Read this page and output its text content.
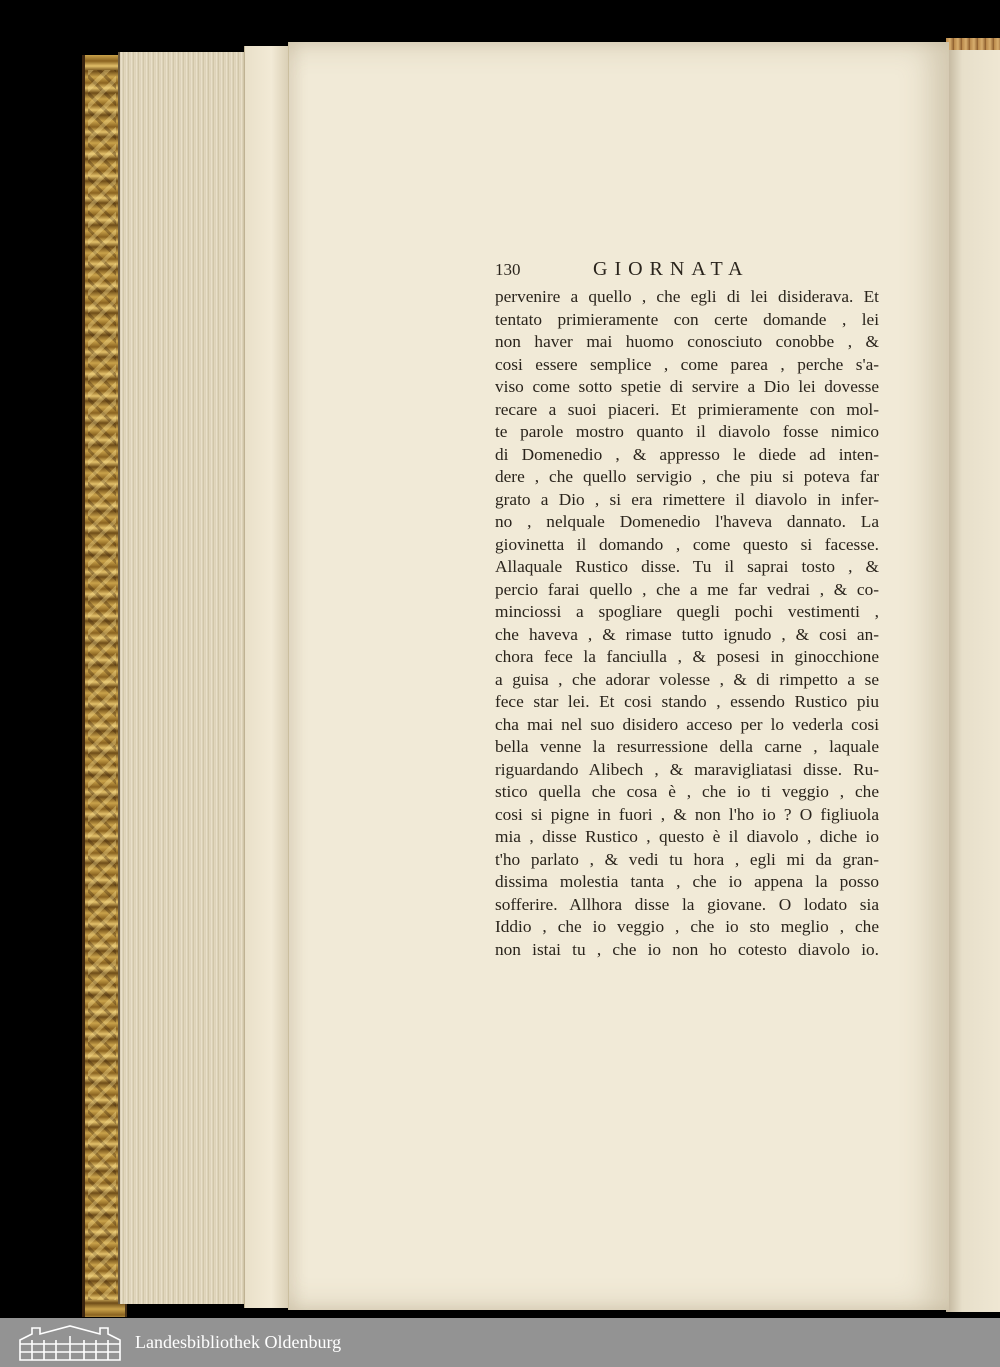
130	GIORNATA
pervenire a quello , che egli di lei disiderava. Et
tentato primieramente con certe domande , lei
non haver mai huomo conosciuto conobbe , &
cosi essere semplice , come parea , perche s'a-
viso come sotto spetie di servire a Dio lei dovesse
recare a suoi piaceri. Et primieramente con mol-
te parole mostro quanto il diavolo fosse nimico
di Domenedio , & appresso le diede ad inten-
dere , che quello servigio , che piu si poteva far
grato a Dio , si era rimettere il diavolo in infer-
no , nelquale Domenedio l'haveva dannato. La
giovinetta il domando , come questo si facesse.
Allaquale Rustico disse. Tu il saprai tosto , &
percio farai quello , che a me far vedrai , & co-
minciossi a spogliare quegli pochi vestimenti ,
che haveva , & rimase tutto ignudo , & cosi an-
chora fece la fanciulla , & posesi in ginocchione
a guisa , che adorar volesse , & di rimpetto a se
fece star lei. Et cosi stando , essendo Rustico piu
cha mai nel suo disidero acceso per lo vederla cosi
bella venne la resurressione della carne , laquale
riguardando Alibech , & maravigliatasi disse. Ru-
stico quella che cosa è , che io ti veggio , che
cosi si pigne in fuori , & non l'ho io ? O figliuola
mia , disse Rustico , questo è il diavolo , diche io
t'ho parlato , & vedi tu hora , egli mi da gran-
dissima molestia tanta , che io appena la posso
sofferire. Allhora disse la giovane. O lodato sia
Iddio , che io veggio , che io sto meglio , che
non istai tu , che io non ho cotesto diavolo io.
Landesbibliothek Oldenburg
